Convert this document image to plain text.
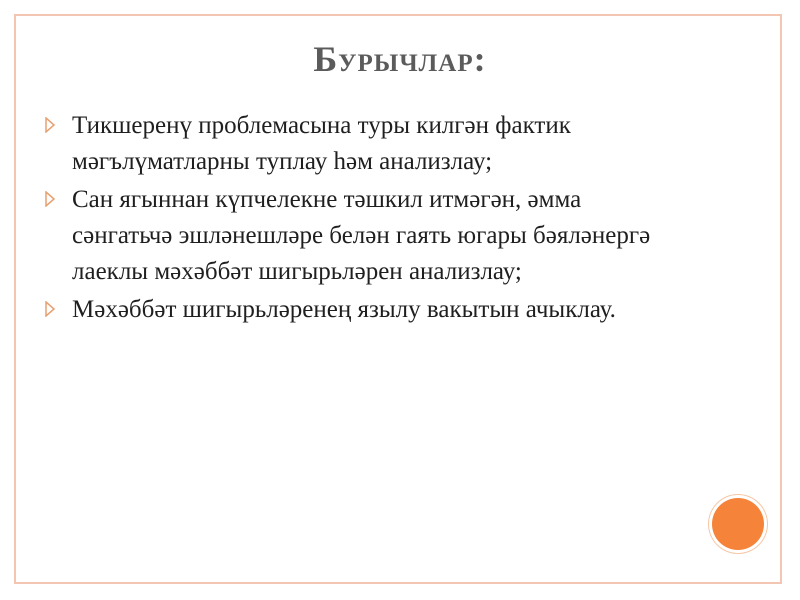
Бурычлар:
Тикшеренү проблемасына туры килгән фактик мәгълүматларны туплау һәм анализлау;
Сан ягыннан күпчелекне тәшкил итмәгән, әмма сәнгатьчә эшләнешләре белән гаять югары бәяләнергә лаеклы мәхәббәт шигырьләрен анализлау;
Мәхәббәт шигырьләренең язылу вакытын ачыклау.
